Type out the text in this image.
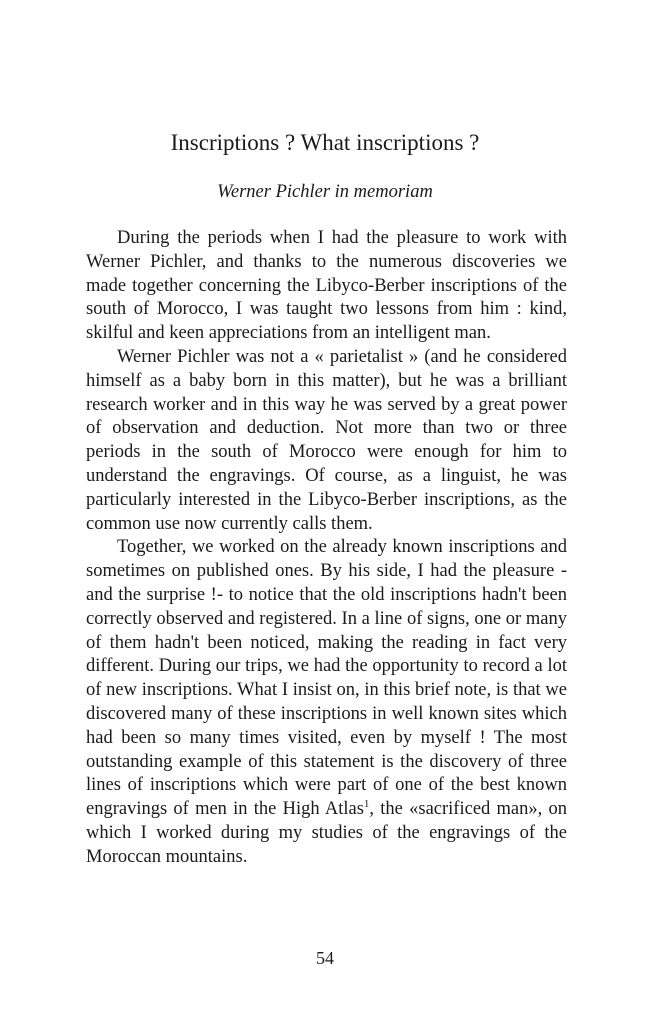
Inscriptions ? What inscriptions ?
Werner Pichler in memoriam

During the periods when I had the pleasure to work with Werner Pichler, and thanks to the numerous discoveries we made together concerning the Libyco-Berber inscriptions of the south of Morocco, I was taught two lessons from him : kind, skilful and keen appreciations from an intelligent man.

Werner Pichler was not a « parietalist » (and he considered himself as a baby born in this matter), but he was a brilliant research worker and in this way he was served by a great power of observation and deduction. Not more than two or three periods in the south of Morocco were enough for him to understand the engravings. Of course, as a linguist, he was particularly interested in the Libyco-Berber inscriptions, as the common use now currently calls them.

Together, we worked on the already known inscriptions and sometimes on published ones. By his side, I had the pleasure -and the surprise !- to notice that the old inscriptions hadn't been correctly observed and registered. In a line of signs, one or many of them hadn't been noticed, making the reading in fact very different. During our trips, we had the opportunity to record a lot of new inscriptions. What I insist on, in this brief note, is that we discovered many of these inscriptions in well known sites which had been so many times visited, even by myself ! The most outstanding example of this statement is the discovery of three lines of inscriptions which were part of one of the best known engravings of men in the High Atlas$^1$, the «sacrificed man», on which I worked during my studies of the engravings of the Moroccan mountains.

54
